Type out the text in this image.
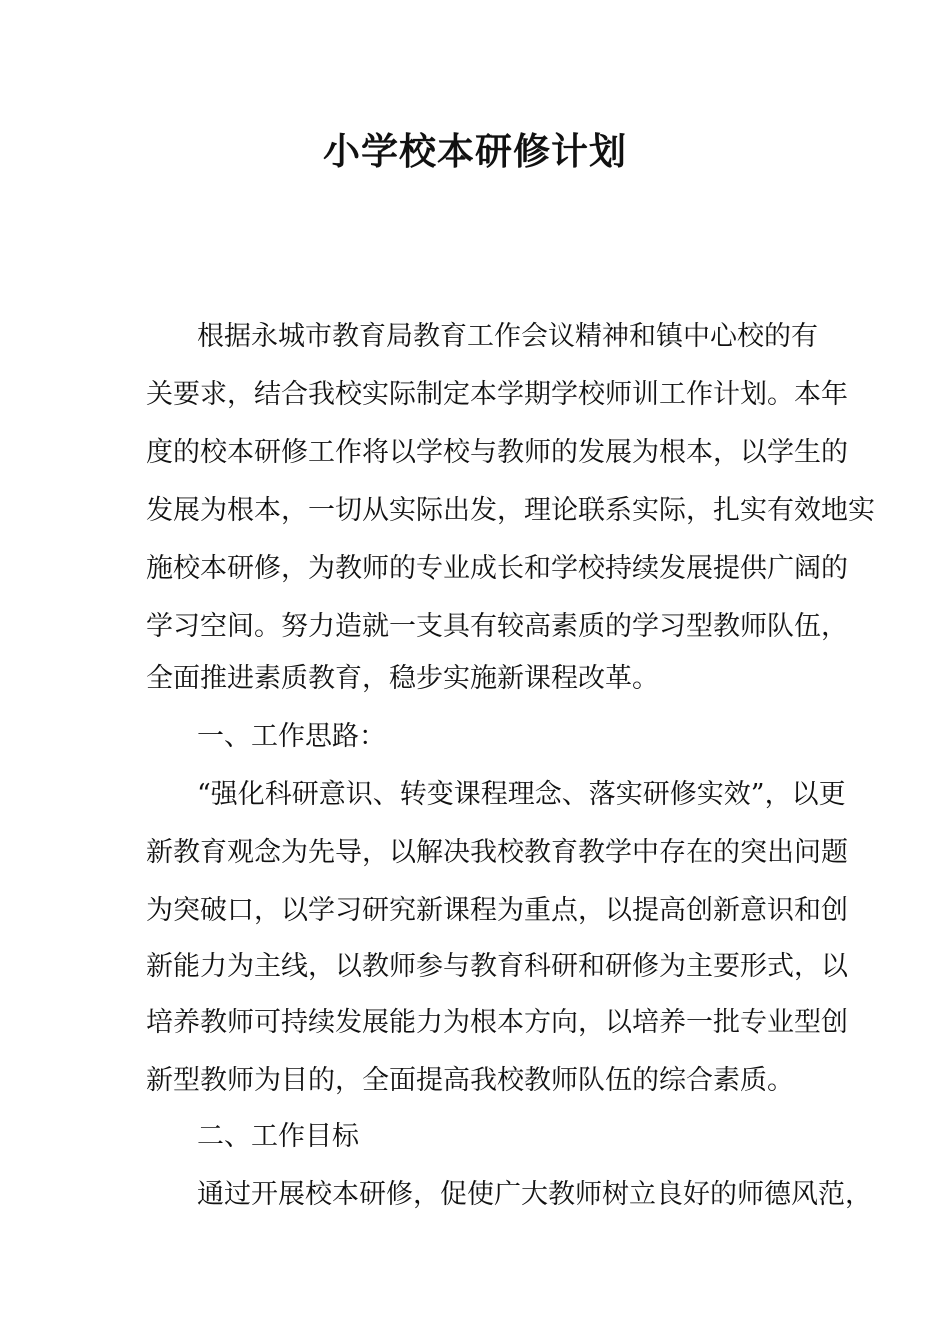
小学校本研修计划

根据永城市教育局教育工作会议精神和镇中心校的有

关要求，结合我校实际制定本学期学校师训工作计划。本年

度的校本研修工作将以学校与教师的发展为根本，以学生的

发展为根本，一切从实际出发，理论联系实际，扎实有效地实

施校本研修，为教师的专业成长和学校持续发展提供广阔的

学习空间。努力造就一支具有较高素质的学习型教师队伍，

全面推进素质教育，稳步实施新课程改革。

一、工作思路：

“强化科研意识、转变课程理念、落实研修实效”，以更

新教育观念为先导，以解决我校教育教学中存在的突出问题

为突破口，以学习研究新课程为重点，以提高创新意识和创

新能力为主线，以教师参与教育科研和研修为主要形式，以

培养教师可持续发展能力为根本方向，以培养一批专业型创

新型教师为目的，全面提高我校教师队伍的综合素质。

二、工作目标

通过开展校本研修，促使广大教师树立良好的师德风范，
